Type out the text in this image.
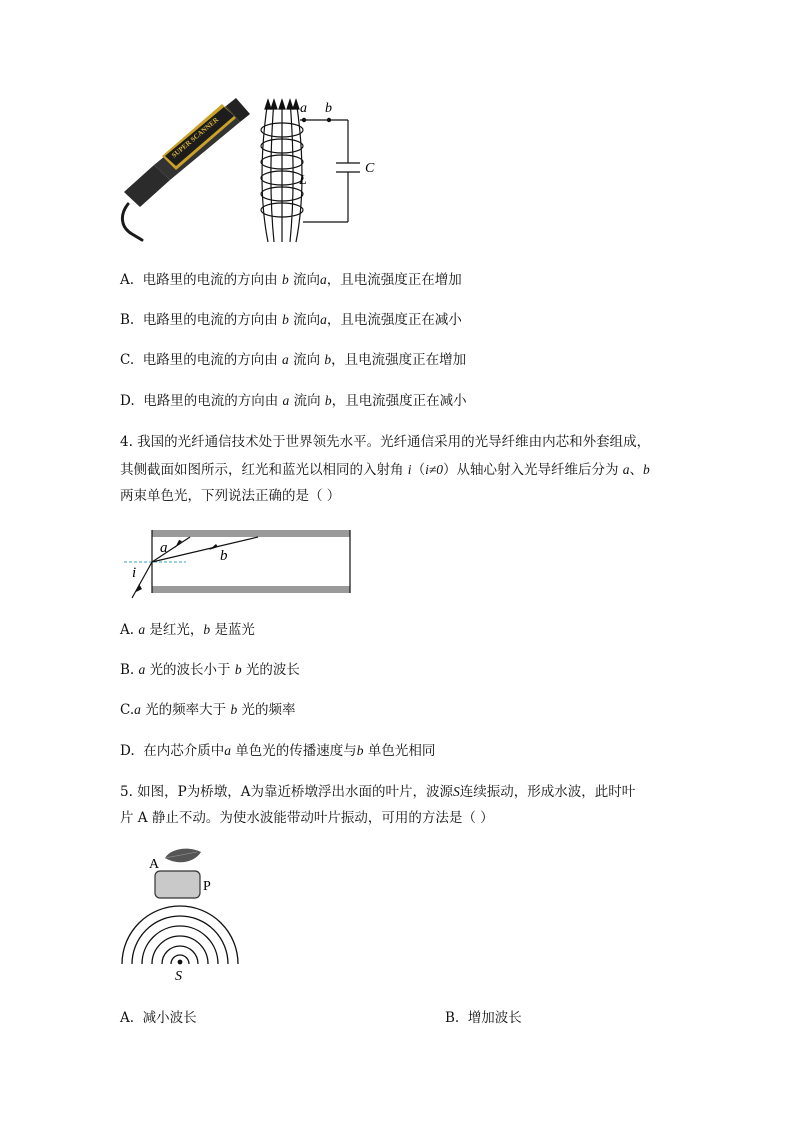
SUPER SCANNER
a b
L
C
A. 电路里的电流的方向由 b 流向a，且电流强度正在增加
B. 电路里的电流的方向由 b 流向a，且电流强度正在减小
C. 电路里的电流的方向由 a 流向 b，且电流强度正在增加
D. 电路里的电流的方向由 a 流向 b，且电流强度正在减小
4. 我国的光纤通信技术处于世界领先水平。光纤通信采用的光导纤维由内芯和外套组成，
其侧截面如图所示，红光和蓝光以相同的入射角 i（i≠0）从轴心射入光导纤维后分为 a、b
两束单色光，下列说法正确的是（ ）
a	b
i
A. a 是红光，b 是蓝光
B. a 光的波长小于 b 光的波长
C.a 光的频率大于 b 光的频率
D. 在内芯介质中a 单色光的传播速度与b 单色光相同
5. 如图，P为桥墩，A为靠近桥墩浮出水面的叶片，波源S连续振动，形成水波，此时叶
片 A 静止不动。为使水波能带动叶片振动，可用的方法是（ ）
A
P
S
A. 减小波长	B. 增加波长
